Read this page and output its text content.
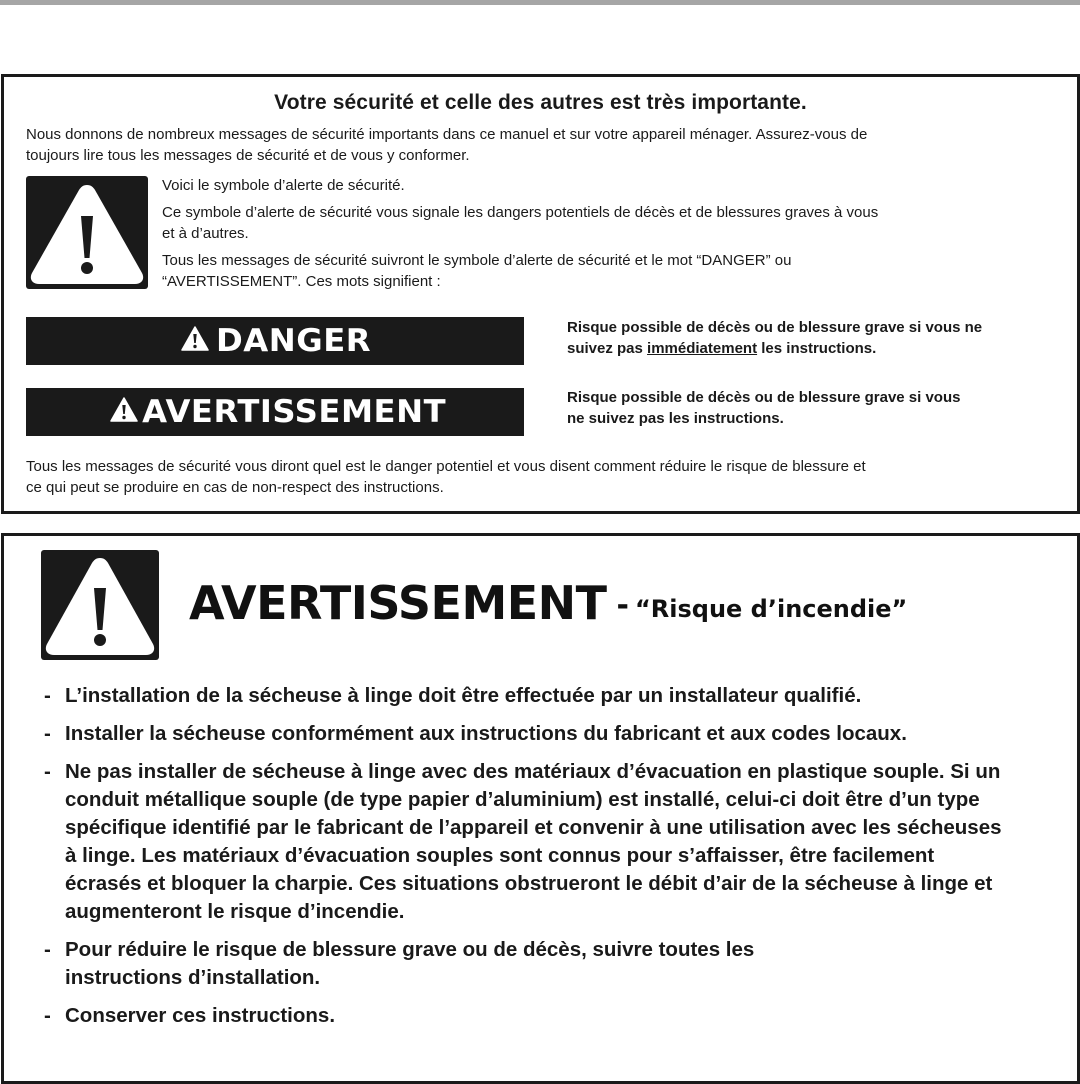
Votre sécurité et celle des autres est très importante.
Nous donnons de nombreux messages de sécurité importants dans ce manuel et sur votre appareil ménager. Assurez-vous de
toujours lire tous les messages de sécurité et de vous y conformer.

Voici le symbole d’alerte de sécurité.

Ce symbole d’alerte de sécurité vous signale les dangers potentiels de décès et de blessures graves à vous
et à d’autres.

Tous les messages de sécurité suivront le symbole d’alerte de sécurité et le mot “DANGER” ou
“AVERTISSEMENT”. Ces mots signifient :

DANGER	Risque possible de décès ou de blessure grave si vous ne
suivez pas immédiatement les instructions.
AVERTISSEMENT	Risque possible de décès ou de blessure grave si vous
ne suivez pas les instructions.
Tous les messages de sécurité vous diront quel est le danger potentiel et vous disent comment réduire le risque de blessure et
ce qui peut se produire en cas de non-respect des instructions.
AVERTISSEMENT - “Risque d’incendie”
- L’installation de la sécheuse à linge doit être effectuée par un installateur qualifié.
- Installer la sécheuse conformément aux instructions du fabricant et aux codes locaux.
- Ne pas installer de sécheuse à linge avec des matériaux d’évacuation en plastique souple. Si un conduit métallique souple (de type papier d’aluminium) est installé, celui-ci doit être d’un type spécifique identifié par le fabricant de l’appareil et convenir à une utilisation avec les sécheuses à linge. Les matériaux d’évacuation souples sont connus pour s’affaisser, être facilement écrasés et bloquer la charpie. Ces situations obstrueront le débit d’air de la sécheuse à linge et augmenteront le risque d’incendie.
- Pour réduire le risque de blessure grave ou de décès, suivre toutes les instructions d’installation.
- Conserver ces instructions.
